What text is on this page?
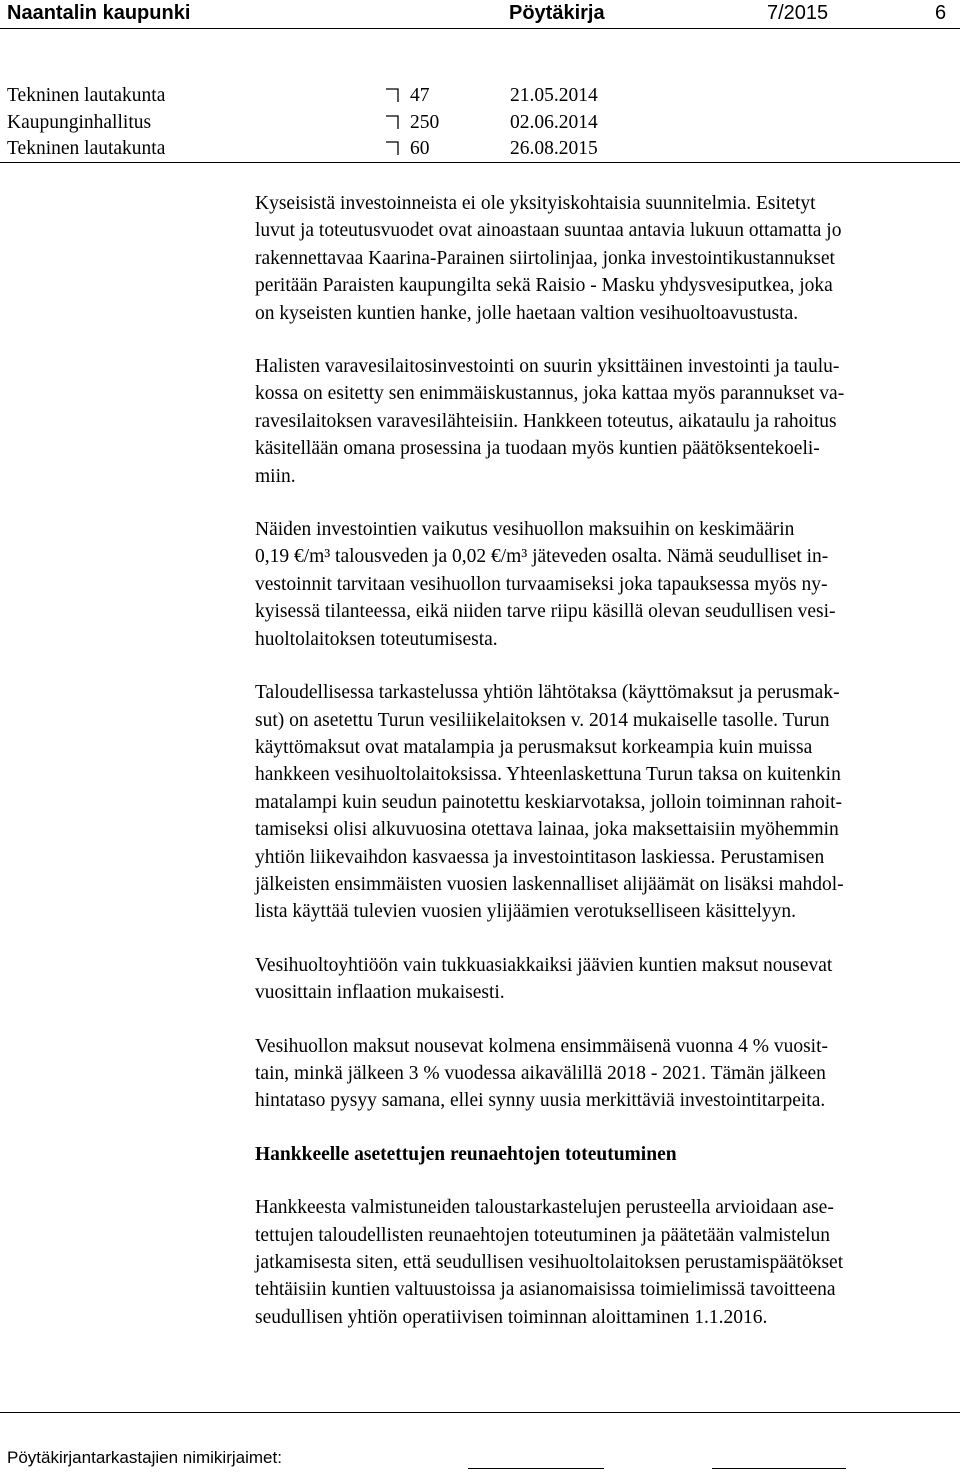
Naantalin kaupunki	Pöytäkirja	7/2015	6
Tekninen lautakunta	47	21.05.2014
Kaupunginhallitus	250	02.06.2014
Tekninen lautakunta	60	26.08.2015

Kyseisistä investoinneista ei ole yksityiskohtaisia suunnitelmia. Esitetyt
luvut ja toteutusvuodet ovat ainoastaan suuntaa antavia lukuun ottamatta jo
rakennettavaa Kaarina-Parainen siirtolinjaa, jonka investointikustannukset
peritään Paraisten kaupungilta sekä Raisio - Masku yhdysvesiputkea, joka
on kyseisten kuntien hanke, jolle haetaan valtion vesihuoltoavustusta.

Halisten varavesilaitosinvestointi on suurin yksittäinen investointi ja taulu-
kossa on esitetty sen enimmäiskustannus, joka kattaa myös parannukset va-
ravesilaitoksen varavesilähteisiin. Hankkeen toteutus, aikataulu ja rahoitus
käsitellään omana prosessina ja tuodaan myös kuntien päätöksentekoeli-
miin.

Näiden investointien vaikutus vesihuollon maksuihin on keskimäärin
0,19 €/m³ talousveden ja 0,02 €/m³ jäteveden osalta. Nämä seudulliset in-
vestoinnit tarvitaan vesihuollon turvaamiseksi joka tapauksessa myös ny-
kyisessä tilanteessa, eikä niiden tarve riipu käsillä olevan seudullisen vesi-
huoltolaitoksen toteutumisesta.

Taloudellisessa tarkastelussa yhtiön lähtötaksa (käyttömaksut ja perusmak-
sut) on asetettu Turun vesiliikelaitoksen v. 2014 mukaiselle tasolle. Turun
käyttömaksut ovat matalampia ja perusmaksut korkeampia kuin muissa
hankkeen vesihuoltolaitoksissa. Yhteenlaskettuna Turun taksa on kuitenkin
matalampi kuin seudun painotettu keskiarvotaksa, jolloin toiminnan rahoit-
tamiseksi olisi alkuvuosina otettava lainaa, joka maksettaisiin myöhemmin
yhtiön liikevaihdon kasvaessa ja investointitason laskiessa. Perustamisen
jälkeisten ensimmäisten vuosien laskennalliset alijäämät on lisäksi mahdol-
lista käyttää tulevien vuosien ylijäämien verotukselliseen käsittelyyn.

Vesihuoltoyhtiöön vain tukkuasiakkaiksi jäävien kuntien maksut nousevat
vuosittain inflaation mukaisesti.

Vesihuollon maksut nousevat kolmena ensimmäisenä vuonna 4 % vuosit-
tain, minkä jälkeen 3 % vuodessa aikavälillä 2018 - 2021. Tämän jälkeen
hintataso pysyy samana, ellei synny uusia merkittäviä investointitarpeita.

Hankkeelle asetettujen reunaehtojen toteutuminen

Hankkeesta valmistuneiden taloustarkastelujen perusteella arvioidaan ase-
tettujen taloudellisten reunaehtojen toteutuminen ja päätetään valmistelun
jatkamisesta siten, että seudullisen vesihuoltolaitoksen perustamispäätökset
tehtäisiin kuntien valtuustoissa ja asianomaisissa toimielimissä tavoitteena
seudullisen yhtiön operatiivisen toiminnan aloittaminen 1.1.2016.

Pöytäkirjantarkastajien nimikirjaimet:
